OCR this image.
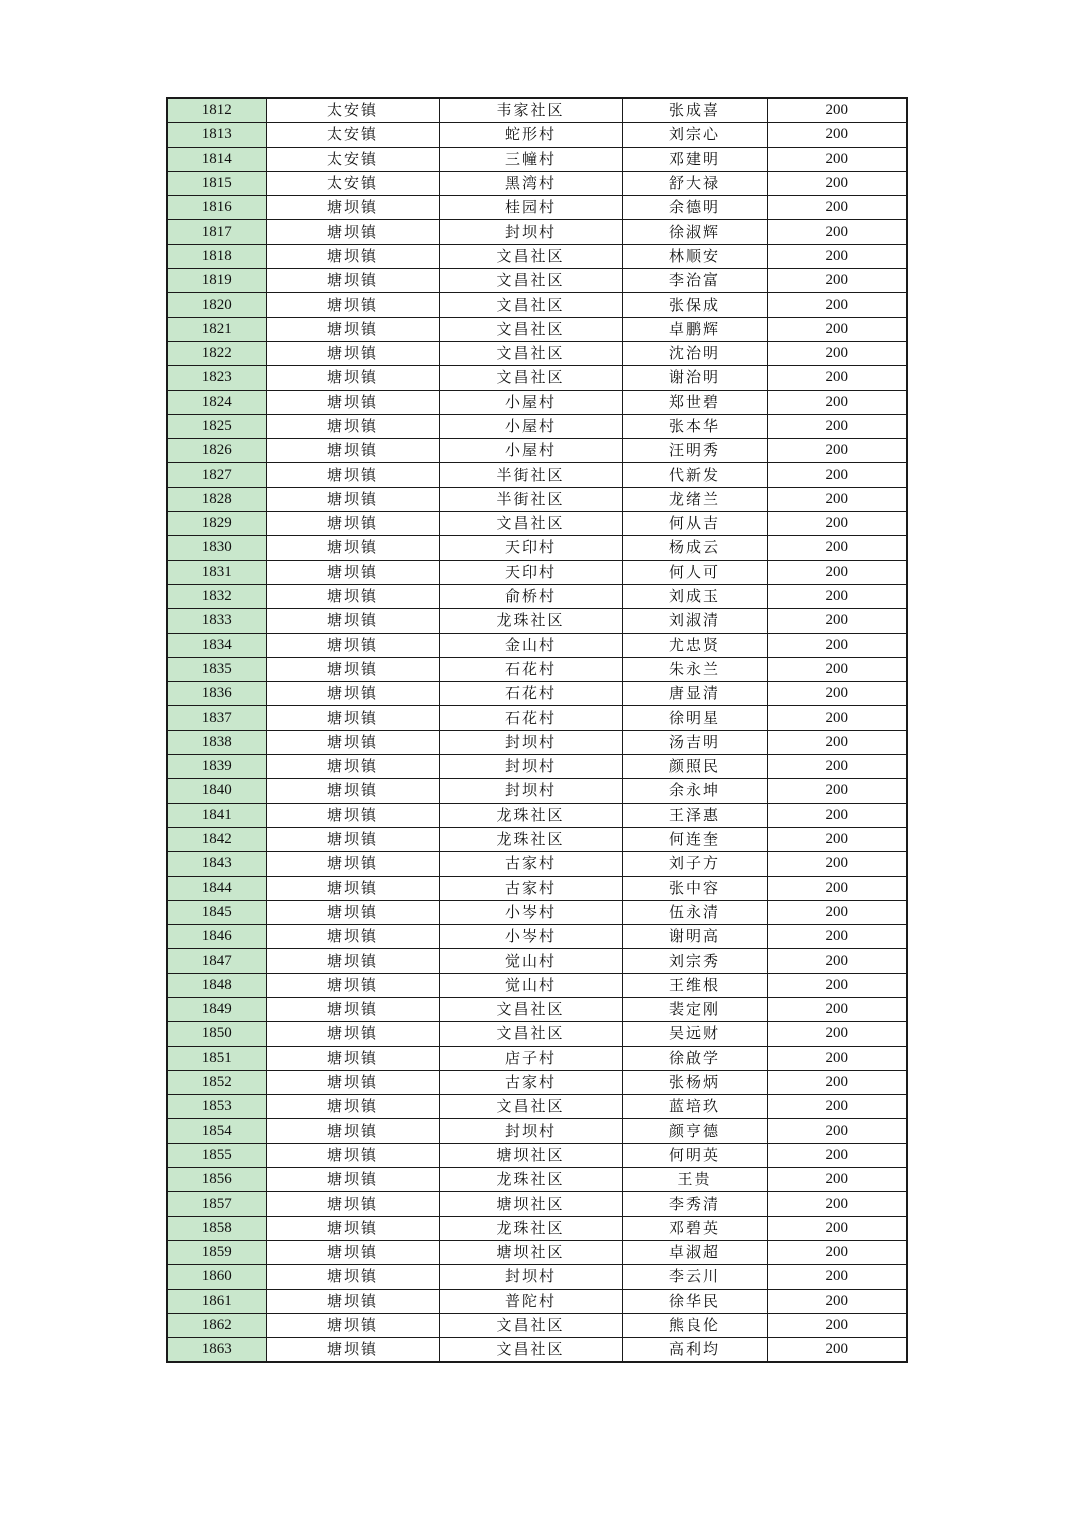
1812	太安镇	韦家社区	张成喜	200
1813	太安镇	蛇形村	刘宗心	200
1814	太安镇	三幢村	邓建明	200
1815	太安镇	黑湾村	舒大禄	200
1816	塘坝镇	桂园村	余德明	200
1817	塘坝镇	封坝村	徐淑辉	200
1818	塘坝镇	文昌社区	林顺安	200
1819	塘坝镇	文昌社区	李治富	200
1820	塘坝镇	文昌社区	张保成	200
1821	塘坝镇	文昌社区	卓鹏辉	200
1822	塘坝镇	文昌社区	沈治明	200
1823	塘坝镇	文昌社区	谢治明	200
1824	塘坝镇	小屋村	郑世碧	200
1825	塘坝镇	小屋村	张本华	200
1826	塘坝镇	小屋村	汪明秀	200
1827	塘坝镇	半街社区	代新发	200
1828	塘坝镇	半街社区	龙绪兰	200
1829	塘坝镇	文昌社区	何从吉	200
1830	塘坝镇	天印村	杨成云	200
1831	塘坝镇	天印村	何人可	200
1832	塘坝镇	俞桥村	刘成玉	200
1833	塘坝镇	龙珠社区	刘淑清	200
1834	塘坝镇	金山村	尤忠贤	200
1835	塘坝镇	石花村	朱永兰	200
1836	塘坝镇	石花村	唐显清	200
1837	塘坝镇	石花村	徐明星	200
1838	塘坝镇	封坝村	汤吉明	200
1839	塘坝镇	封坝村	颜照民	200
1840	塘坝镇	封坝村	余永坤	200
1841	塘坝镇	龙珠社区	王泽惠	200
1842	塘坝镇	龙珠社区	何连奎	200
1843	塘坝镇	古家村	刘子方	200
1844	塘坝镇	古家村	张中容	200
1845	塘坝镇	小岑村	伍永清	200
1846	塘坝镇	小岑村	谢明高	200
1847	塘坝镇	觉山村	刘宗秀	200
1848	塘坝镇	觉山村	王维根	200
1849	塘坝镇	文昌社区	裴定刚	200
1850	塘坝镇	文昌社区	吴远财	200
1851	塘坝镇	店子村	徐啟学	200
1852	塘坝镇	古家村	张杨炳	200
1853	塘坝镇	文昌社区	蓝培玖	200
1854	塘坝镇	封坝村	颜亨德	200
1855	塘坝镇	塘坝社区	何明英	200
1856	塘坝镇	龙珠社区	王贵	200
1857	塘坝镇	塘坝社区	李秀清	200
1858	塘坝镇	龙珠社区	邓碧英	200
1859	塘坝镇	塘坝社区	卓淑超	200
1860	塘坝镇	封坝村	李云川	200
1861	塘坝镇	普陀村	徐华民	200
1862	塘坝镇	文昌社区	熊良伦	200
1863	塘坝镇	文昌社区	高利均	200
